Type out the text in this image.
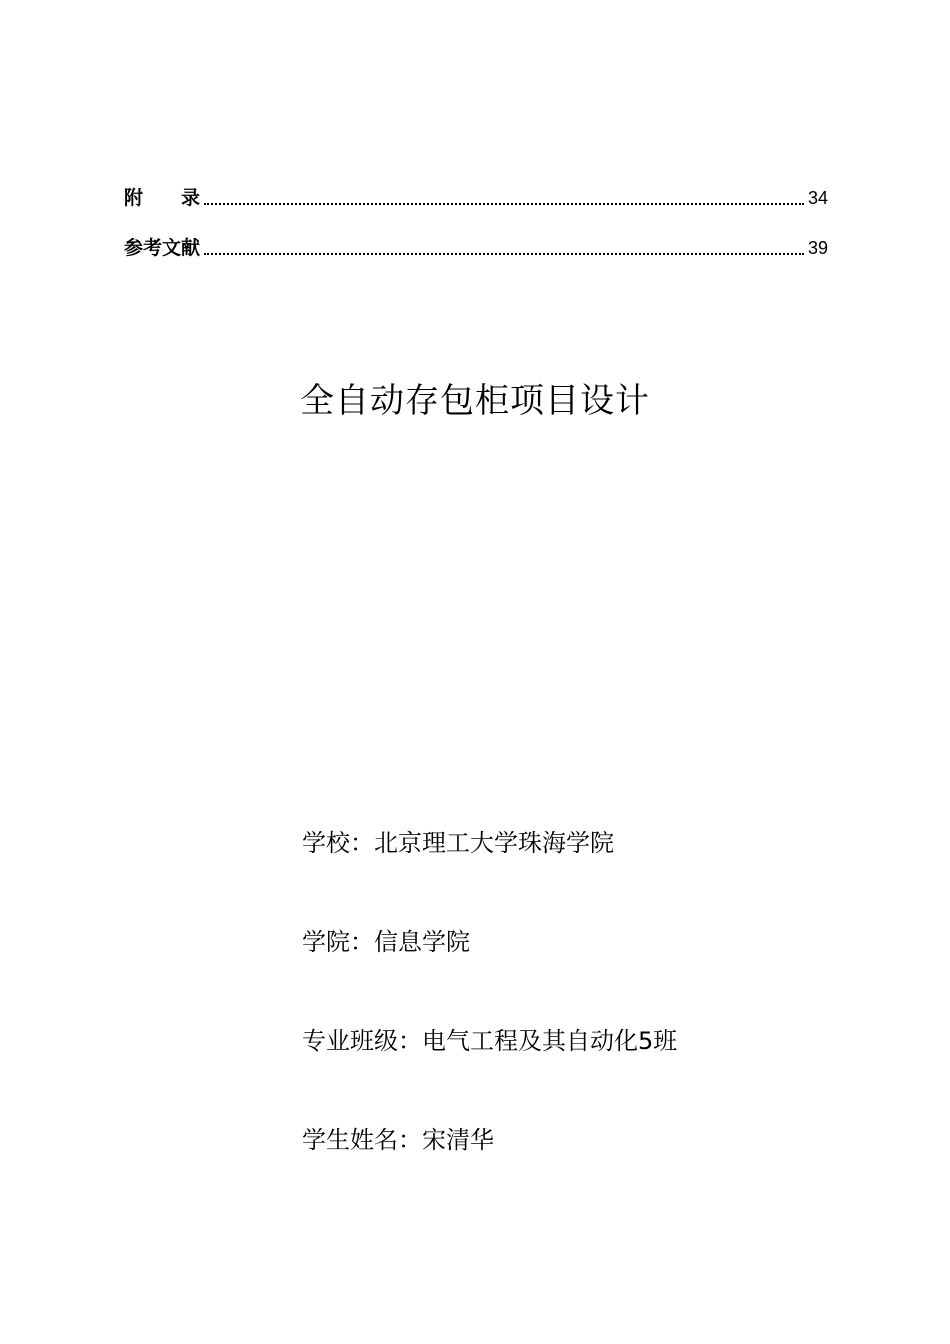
附　　录	34
参考文献	39
全自动存包柜项目设计
学校：北京理工大学珠海学院
学院：信息学院
专业班级：电气工程及其自动化5班
学生姓名：宋清华
